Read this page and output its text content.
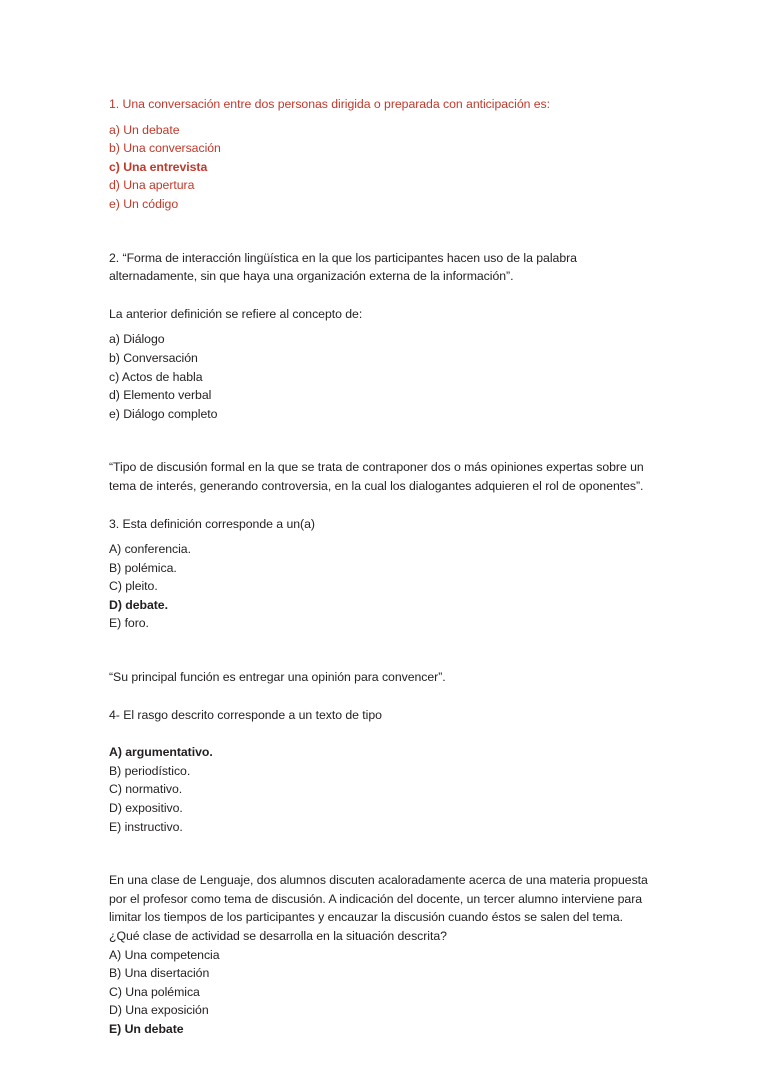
1. Una conversación entre dos personas dirigida o preparada con anticipación es:

a) Un debate
b) Una conversación
c) Una entrevista
d) Una apertura
e) Un código

2. “Forma de interacción lingüística en la que los participantes hacen uso de la palabra alternadamente, sin que haya una organización externa de la información”.

La anterior definición se refiere al concepto de:

a) Diálogo
b) Conversación
c) Actos de habla
d) Elemento verbal
e) Diálogo completo

“Tipo de discusión formal en la que se trata de contraponer dos o más opiniones expertas sobre un tema de interés, generando controversia, en la cual los dialogantes adquieren el rol de oponentes”.

3. Esta definición corresponde a un(a)

A) conferencia.
B) polémica.
C) pleito.
D) debate.
E) foro.

“Su principal función es entregar una opinión para convencer”.

4- El rasgo descrito corresponde a un texto de tipo

A) argumentativo.
B) periodístico.
C) normativo.
D) expositivo.
E) instructivo.

En una clase de Lenguaje, dos alumnos discuten acaloradamente acerca de una materia propuesta por el profesor como tema de discusión. A indicación del docente, un tercer alumno interviene para limitar los tiempos de los participantes y encauzar la discusión cuando éstos se salen del tema.

¿Qué clase de actividad se desarrolla en la situación descrita?

A) Una competencia
B) Una disertación
C) Una polémica
D) Una exposición
E) Un debate
